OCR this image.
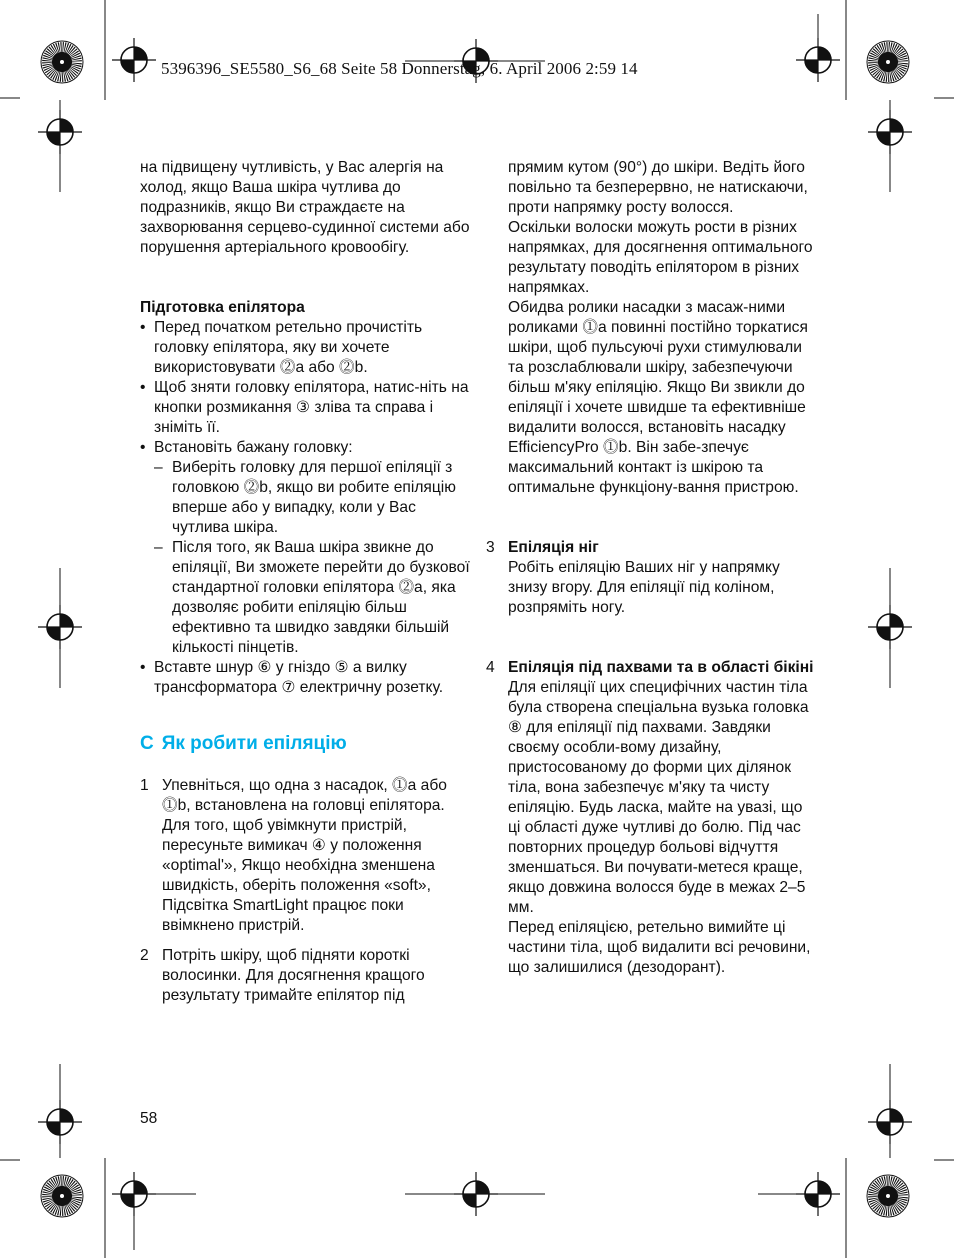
5396396_SE5580_S6_68 Seite 58 Donnerstag, 6. April 2006 2:59 14

на підвищену чутливість, у Вас алергія на холод, якщо Ваша шкіра чутлива до подразників, якщо Ви страждаєте на захворювання серцево-судинної системи або порушення артеріального кровообігу.

Підготовка епілятора

• Перед початком ретельно прочистіть головку епілятора, яку ви хочете використовувати ⓶a або ⓶b.
• Щоб зняти головку епілятора, натис-ніть на кнопки розмикання ③ зліва та справа і зніміть її.
• Встановіть бажану головку:
– Виберіть головку для першої епіляції з головкою ⓶b, якщо ви робите епіляцію вперше або у випадку, коли у Вас чутлива шкіра.
– Після того, як Ваша шкіра звикне до епіляції, Ви зможете перейти до бузкової стандартної головки епілятора ⓶a, яка дозволяє робити епіляцію більш ефективно та швидко завдяки більшій кількості пінцетів.
• Вставте шнур ⑥ у гніздо ⑤ а вилку трансформатора ⑦ електричну розетку.

C Як робити епіляцію

1 Упевніться, що одна з насадок, ⓵a або ⓵b, встановлена на головці епілятора. Для того, щоб увімкнути пристрій, пересуньте вимикач ④ у положення «optimal'», Якщо необхідна зменшена швидкість, оберіть положення «soft», Підсвітка SmartLight працює поки ввімкнено пристрій.
2 Потріть шкіру, щоб підняти короткі волосинки. Для досягнення кращого результату тримайте епілятор під
58

прямим кутом (90°) до шкіри. Ведіть його повільно та безперервно, не натискаючи, проти напрямку росту волосся.

Оскільки волоски можуть рости в різних напрямках, для досягнення оптимального результату поводіть епілятором в різних напрямках.

Обидва ролики насадки з масаж-ними роликами ⓵a повинні постійно торкатися шкіри, щоб пульсуючі рухи стимулювали та розслаблювали шкіру, забезпечуючи більш м'яку епіляцію. Якщо Ви звикли до епіляції і хочете швидше та ефективніше видалити волосся, встановіть насадку EfficiencyPro ⓵b. Він забе-зпечує максимальний контакт із шкірою та оптимальне функціону-вання пристрою.

3 Епіляція ніг
Робіть епіляцію Ваших ніг у напрямку знизу вгору. Для епіляції під коліном, розпряміть ногу.
4 Епіляція під пахвами та в області бікіні
Для епіляції цих специфічних частин тіла була створена спеціальна вузька головка ⑧ для епіляції під пахвами. Завдяки своєму особли-вому дизайну, пристосованому до форми цих ділянок тіла, вона забезпечує м'яку та чисту епіляцію. Будь ласка, майте на увазі, що ці області дуже чутливі до болю. Під час повторних процедур больові відчуття зменшаться. Ви почувати-метеся краще, якщо довжина волосся буде в межах 2–5 мм.
Перед епіляцією, ретельно вимийте ці частини тіла, щоб видалити всі речовини, що залишилися (дезодорант).
